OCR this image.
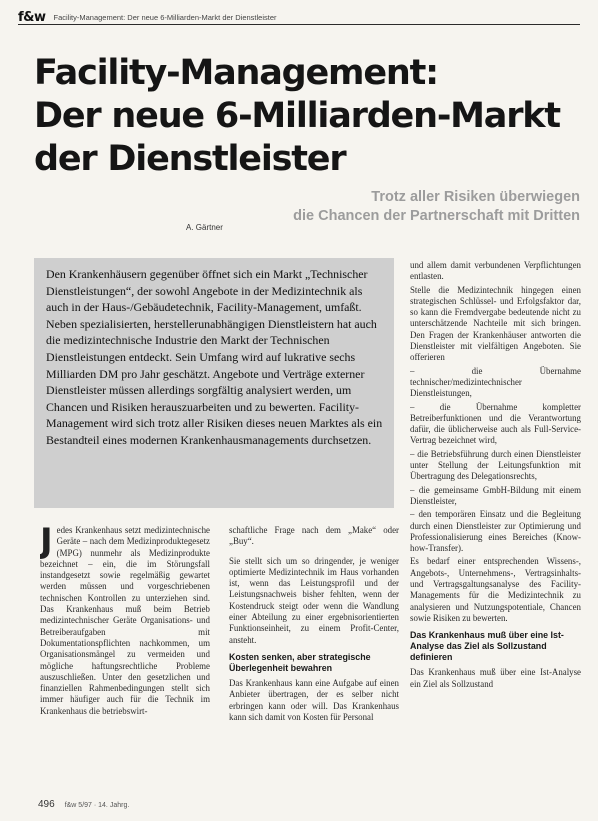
f&w Facility-Management: Der neue 6-Milliarden-Markt der Dienstleister
Facility-Management:
Der neue 6-Milliarden-Markt
der Dienstleister
Trotz aller Risiken überwiegen
die Chancen der Partnerschaft mit Dritten
A. Gärtner

Den Krankenhäusern gegenüber öffnet sich ein Markt „Technischer Dienstleistungen“, der sowohl Angebote in der Medizintechnik als auch in der Haus-/Gebäudetechnik, Facility-Management, umfaßt. Neben spezialisierten, herstellerunabhängigen Dienstleistern hat auch die medizintechnische Industrie den Markt der Technischen Dienstleistungen entdeckt. Sein Umfang wird auf lukrative sechs Milliarden DM pro Jahr geschätzt. Angebote und Verträge externer Dienstleister müssen allerdings sorgfältig analysiert werden, um Chancen und Risiken herauszuarbeiten und zu bewerten. Facility-Management wird sich trotz aller Risiken dieses neuen Marktes als ein Bestandteil eines modernen Krankenhausmanagements durchsetzen.

und allem damit verbundenen Verpflichtungen entlasten.

Stelle die Medizintechnik hingegen einen strategischen Schlüssel- und Erfolgsfaktor dar, so kann die Fremdvergabe bedeutende nicht zu unterschätzende Nachteile mit sich bringen. Den Fragen der Krankenhäuser antworten die Dienstleister mit vielfältigen Angeboten. Sie offerieren

– die Übernahme technischer/medizintechnischer Dienstleistungen,

– die Übernahme kompletter Betreiberfunktionen und die Verantwortung dafür, die üblicherweise auch als Full-Service-Vertrag bezeichnet wird,

– die Betriebsführung durch einen Dienstleister unter Stellung der Leitungsfunktion mit Übertragung des Delegationsrechts,

– die gemeinsame GmbH-Bildung mit einem Dienstleister,

– den temporären Einsatz und die Begleitung durch einen Dienstleister zur Optimierung und Professionalisierung eines Bereiches (Know-how-Transfer).

Es bedarf einer entsprechenden Wissens-, Angebots-, Unternehmens-, Vertragsinhalts- und Vertragsgaltungsanalyse des Facility-Managements für die Medizintechnik zu analysieren und Nutzungspotentiale, Chancen sowie Risiken zu bewerten.

Das Krankenhaus muß über eine Ist-Analyse das Ziel als Sollzustand definieren

Das Krankenhaus muß über eine Ist-Analyse ein Ziel als Sollzustand

J edes Krankenhaus setzt medizintechnische Geräte – nach dem Medizinproduktegesetz (MPG) nunmehr als Medizinprodukte bezeichnet – ein, die im Störungsfall instandgesetzt sowie regelmäßig gewartet werden müssen und vorgeschriebenen technischen Kontrollen zu unterziehen sind. Das Krankenhaus muß beim Betrieb medizintechnischer Geräte Organisations- und Betreiberaufgaben mit Dokumentationspflichten nachkommen, um Organisationsmängel zu vermeiden und mögliche haftungsrechtliche Probleme auszuschließen. Unter den gesetzlichen und finanziellen Rahmenbedingungen stellt sich immer häufiger auch für die Technik im Krankenhaus die betriebswirt-

schaftliche Frage nach dem „Make“ oder „Buy“.

Sie stellt sich um so dringender, je weniger optimierte Medizintechnik im Haus vorhanden ist, wenn das Leistungsprofil und der Leistungsnachweis bisher fehlten, wenn der Kostendruck steigt oder wenn die Wandlung einer Abteilung zu einer ergebnisorientierten Funktionseinheit, zu einem Profit-Center, ansteht.

Kosten senken, aber strategische Überlegenheit bewahren

Das Krankenhaus kann eine Aufgabe auf einen Anbieter übertragen, der es selber nicht erbringen kann oder will. Das Krankenhaus kann sich damit von Kosten für Personal

496 f&w 5/97 · 14. Jahrg.
